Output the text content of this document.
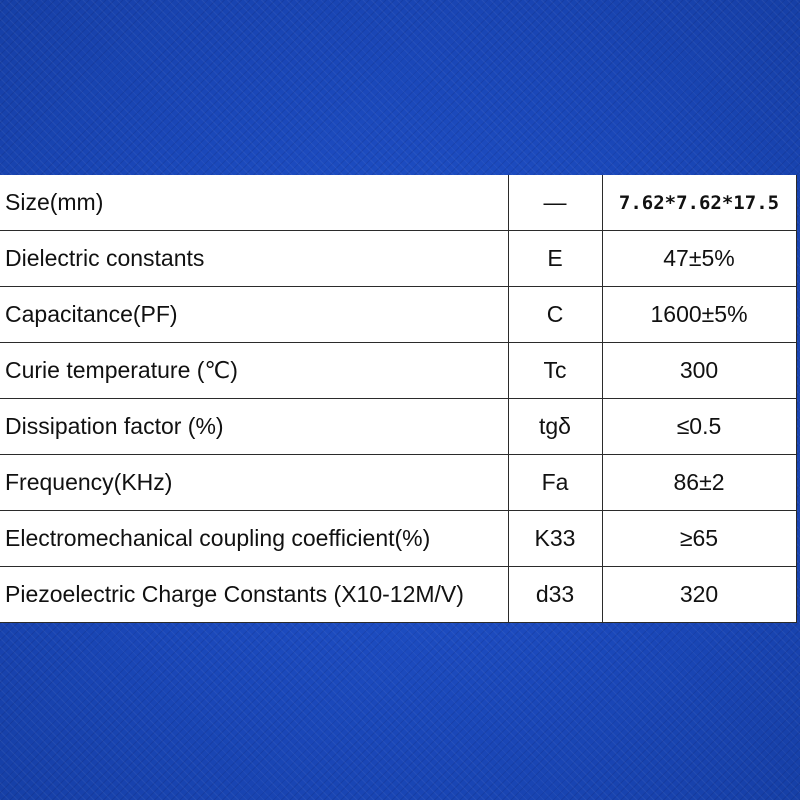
Size(mm)	—	7.62*7.62*17.5
Dielectric constants	E	47±5%
Capacitance(PF)	C	1600±5%
Curie temperature (℃)	Tc	300
Dissipation factor (%)	tgδ	≤0.5
Frequency(KHz)	Fa	86±2
Electromechanical coupling coefficient(%)	K33	≥65
Piezoelectric Charge Constants (X10-12M/V)	d33	320
